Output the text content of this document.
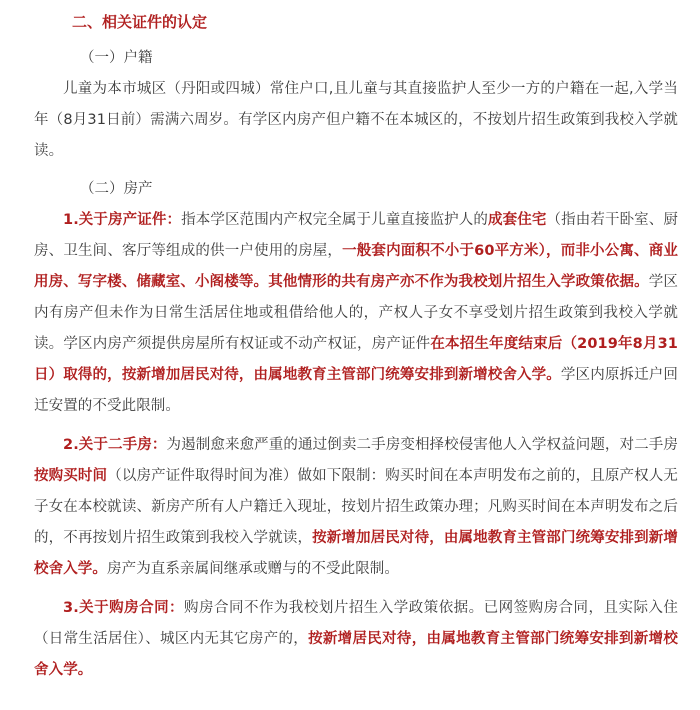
二、相关证件的认定
（一）户籍

儿童为本市城区（丹阳或四城）常住户口,且儿童与其直接监护人至少一方的户籍在一起,入学当年（8月31日前）需满六周岁。有学区内房产但户籍不在本城区的，不按划片招生政策到我校入学就读。

（二）房产

1.关于房产证件：指本学区范围内产权完全属于儿童直接监护人的成套住宅（指由若干卧室、厨房、卫生间、客厅等组成的供一户使用的房屋，一般套内面积不小于60平方米），而非小公寓、商业用房、写字楼、储藏室、小阁楼等。其他情形的共有房产亦不作为我校划片招生入学政策依据。学区内有房产但未作为日常生活居住地或租借给他人的，产权人子女不享受划片招生政策到我校入学就读。学区内房产须提供房屋所有权证或不动产权证，房产证件在本招生年度结束后（2019年8月31日）取得的，按新增加居民对待，由属地教育主管部门统筹安排到新增校舍入学。学区内原拆迁户回迁安置的不受此限制。

2.关于二手房：为遏制愈来愈严重的通过倒卖二手房变相择校侵害他人入学权益问题，对二手房按购买时间（以房产证件取得时间为准）做如下限制：购买时间在本声明发布之前的，且原产权人无子女在本校就读、新房产所有人户籍迁入现址，按划片招生政策办理；凡购买时间在本声明发布之后的，不再按划片招生政策到我校入学就读，按新增加居民对待，由属地教育主管部门统筹安排到新增校舍入学。房产为直系亲属间继承或赠与的不受此限制。

3.关于购房合同：购房合同不作为我校划片招生入学政策依据。已网签购房合同，且实际入住（日常生活居住）、城区内无其它房产的，按新增居民对待，由属地教育主管部门统筹安排到新增校舍入学。
